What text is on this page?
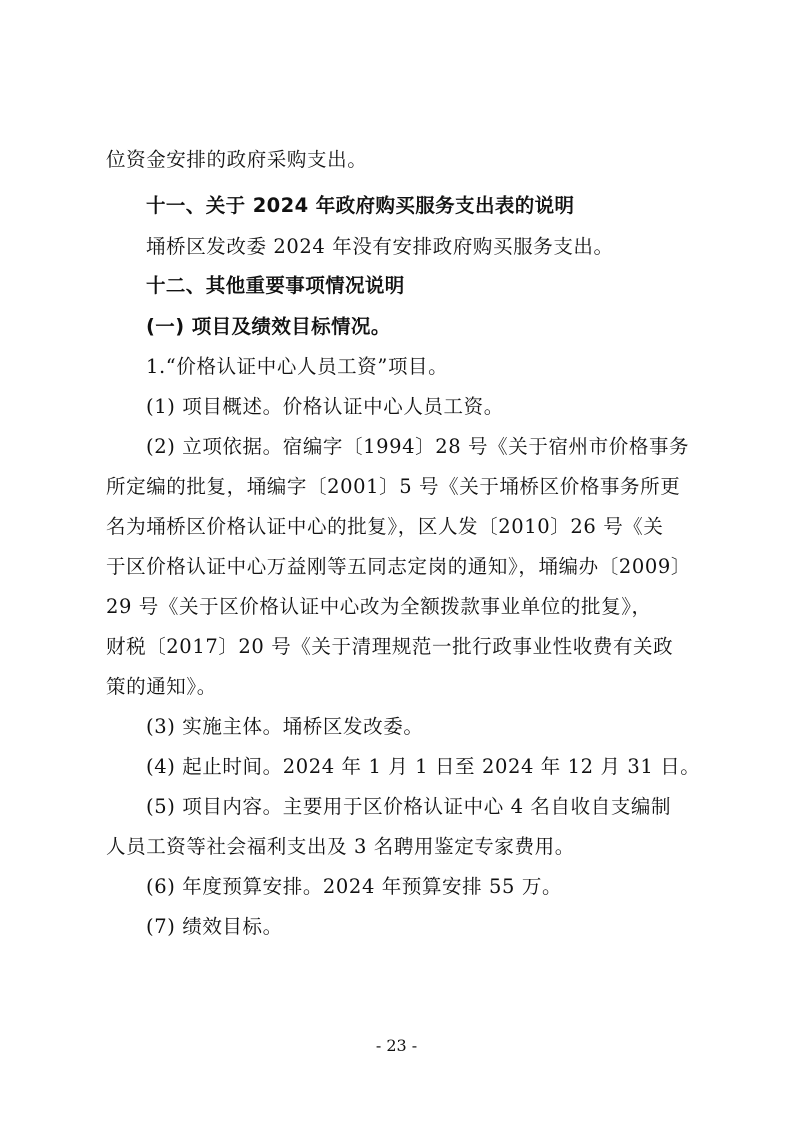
位资金安排的政府采购支出。
十一、关于 2024 年政府购买服务支出表的说明
埇桥区发改委 2024 年没有安排政府购买服务支出。
十二、其他重要事项情况说明
(一) 项目及绩效目标情况。
1.“价格认证中心人员工资”项目。
(1) 项目概述。价格认证中心人员工资。
(2) 立项依据。宿编字〔1994〕28 号《关于宿州市价格事务
所定编的批复，埇编字〔2001〕5 号《关于埇桥区价格事务所更
名为埇桥区价格认证中心的批复》，区人发〔2010〕26 号《关
于区价格认证中心万益刚等五同志定岗的通知》，埇编办〔2009〕
29 号《关于区价格认证中心改为全额拨款事业单位的批复》，
财税〔2017〕20 号《关于清理规范一批行政事业性收费有关政
策的通知》。
(3) 实施主体。埇桥区发改委。
(4) 起止时间。2024 年 1 月 1 日至 2024 年 12 月 31 日。
(5) 项目内容。主要用于区价格认证中心 4 名自收自支编制
人员工资等社会福利支出及 3 名聘用鉴定专家费用。
(6) 年度预算安排。2024 年预算安排 55 万。
(7) 绩效目标。
- 23 -
